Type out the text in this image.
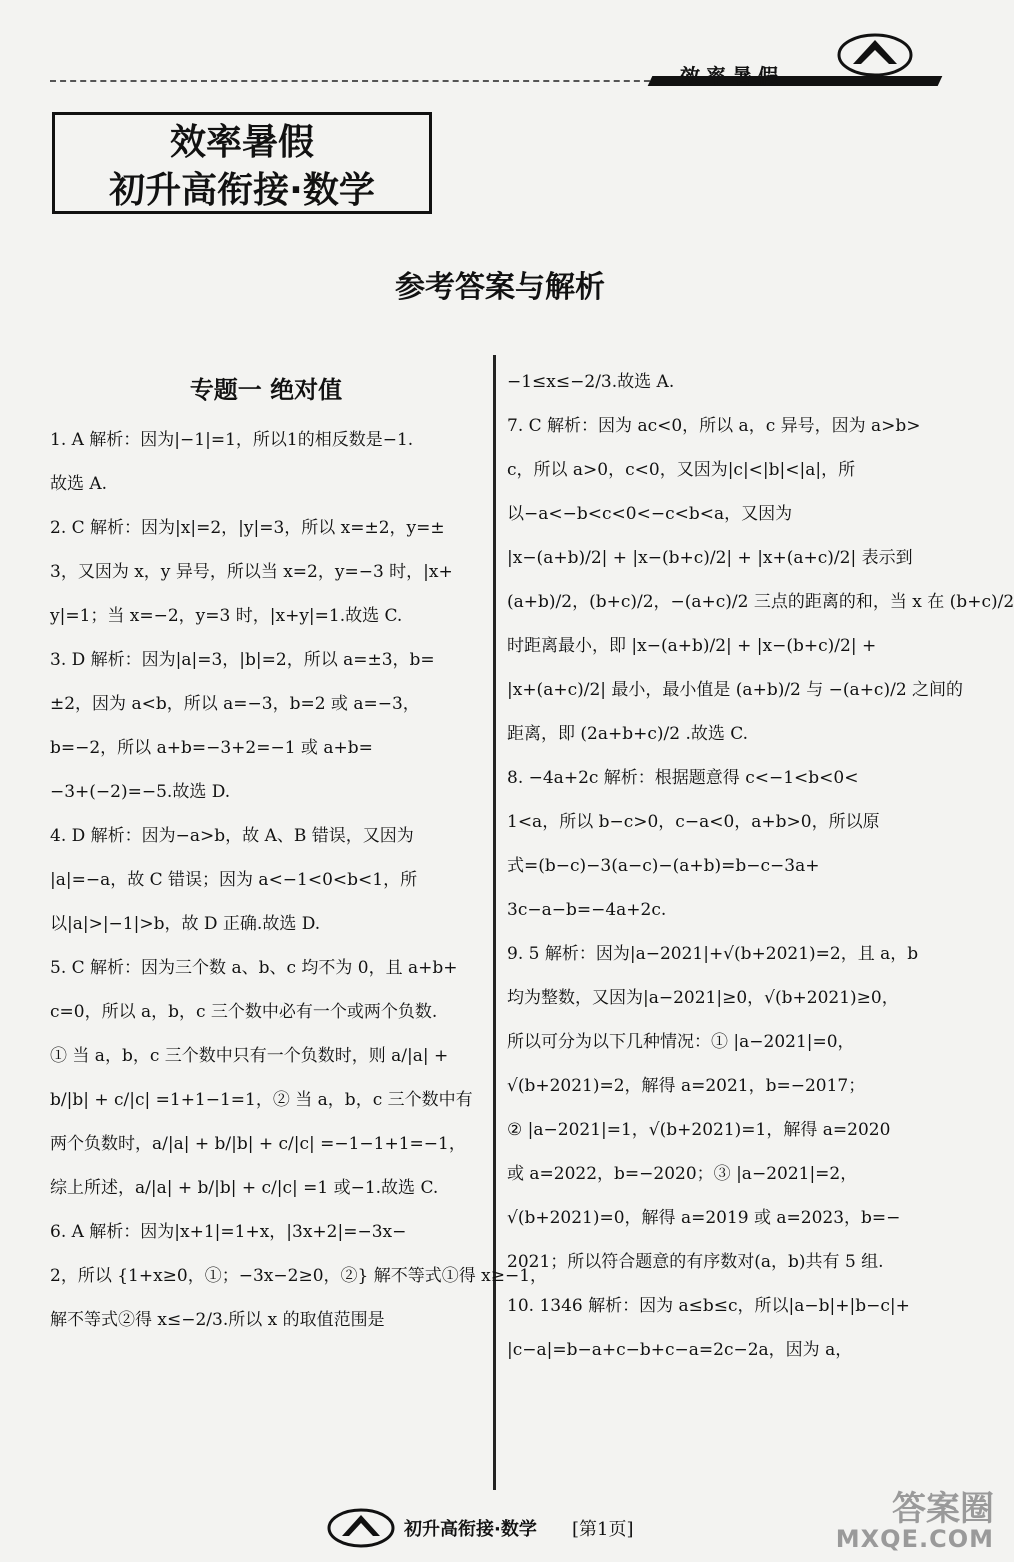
效率暑假
效率暑假
初升高衔接·数学
参考答案与解析
专题一 绝对值
1. A 解析：因为|−1|=1，所以1的相反数是−1.
故选 A.
2. C 解析：因为|x|=2，|y|=3，所以 x=±2，y=±
3，又因为 x，y 异号，所以当 x=2，y=−3 时，|x+
y|=1；当 x=−2，y=3 时，|x+y|=1.故选 C.
3. D 解析：因为|a|=3，|b|=2，所以 a=±3，b=
±2，因为 a<b，所以 a=−3，b=2 或 a=−3，
b=−2，所以 a+b=−3+2=−1 或 a+b=
−3+(−2)=−5.故选 D.
4. D 解析：因为−a>b，故 A、B 错误，又因为
|a|=−a，故 C 错误；因为 a<−1<0<b<1，所
以|a|>|−1|>b，故 D 正确.故选 D.
5. C 解析：因为三个数 a、b、c 均不为 0，且 a+b+
c=0，所以 a，b，c 三个数中必有一个或两个负数.
① 当 a，b，c 三个数中只有一个负数时，则 a/|a| +
b/|b| + c/|c| =1+1−1=1，② 当 a，b，c 三个数中有
两个负数时，a/|a| + b/|b| + c/|c| =−1−1+1=−1，
综上所述，a/|a| + b/|b| + c/|c| =1 或−1.故选 C.
6. A 解析：因为|x+1|=1+x，|3x+2|=−3x−
2，所以 {1+x≥0，①；−3x−2≥0，②} 解不等式①得 x≥−1，
解不等式②得 x≤−2/3.所以 x 的取值范围是
−1≤x≤−2/3.故选 A.
7. C 解析：因为 ac<0，所以 a，c 异号，因为 a>b>
c，所以 a>0，c<0，又因为|c|<|b|<|a|，所
以−a<−b<c<0<−c<b<a，又因为
|x−(a+b)/2| + |x−(b+c)/2| + |x+(a+c)/2| 表示到
(a+b)/2，(b+c)/2，−(a+c)/2 三点的距离的和，当 x 在 (b+c)/2
时距离最小，即 |x−(a+b)/2| + |x−(b+c)/2| +
|x+(a+c)/2| 最小，最小值是 (a+b)/2 与 −(a+c)/2 之间的
距离，即 (2a+b+c)/2 .故选 C.
8. −4a+2c 解析：根据题意得 c<−1<b<0<
1<a，所以 b−c>0，c−a<0，a+b>0，所以原
式=(b−c)−3(a−c)−(a+b)=b−c−3a+
3c−a−b=−4a+2c.
9. 5 解析：因为|a−2021|+√(b+2021)=2，且 a，b
均为整数，又因为|a−2021|≥0，√(b+2021)≥0，
所以可分为以下几种情况：① |a−2021|=0，
√(b+2021)=2，解得 a=2021，b=−2017；
② |a−2021|=1，√(b+2021)=1，解得 a=2020
或 a=2022，b=−2020；③ |a−2021|=2，
√(b+2021)=0，解得 a=2019 或 a=2023，b=−
2021；所以符合题意的有序数对(a，b)共有 5 组.
10. 1346 解析：因为 a≤b≤c，所以|a−b|+|b−c|+
|c−a|=b−a+c−b+c−a=2c−2a，因为 a，
初升高衔接·数学 [第1页]
答案圈
MXQE.COM
